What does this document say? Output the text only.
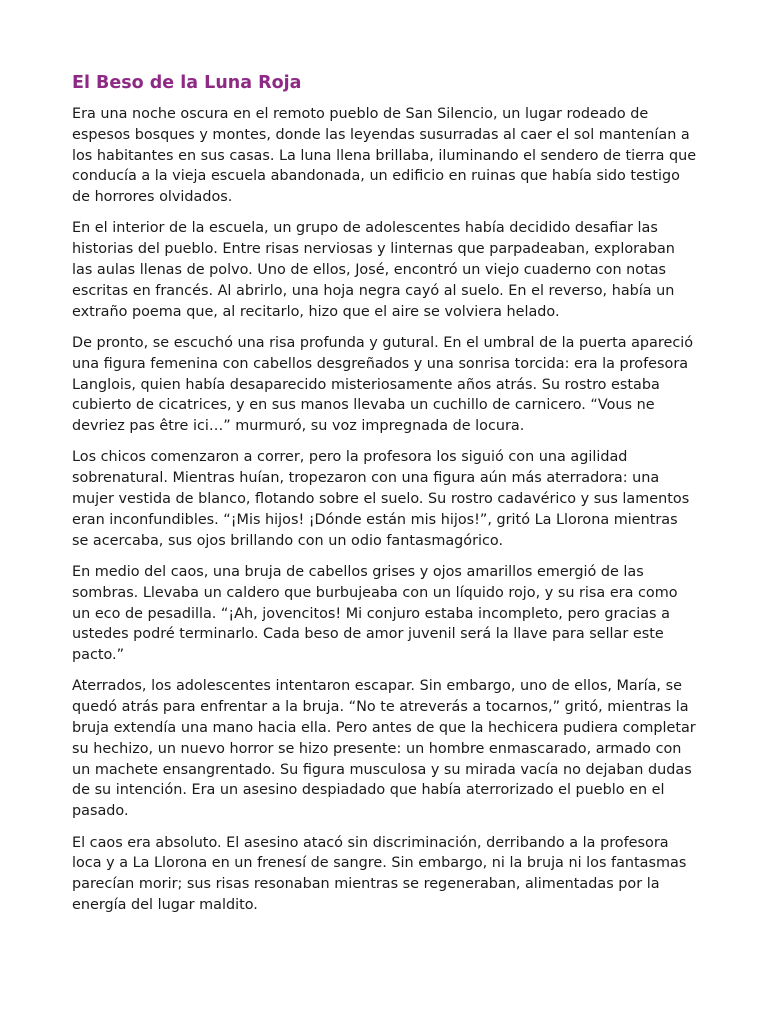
El Beso de la Luna Roja

Era una noche oscura en el remoto pueblo de San Silencio, un lugar rodeado de espesos bosques y montes, donde las leyendas susurradas al caer el sol mantenían a los habitantes en sus casas. La luna llena brillaba, iluminando el sendero de tierra que conducía a la vieja escuela abandonada, un edificio en ruinas que había sido testigo de horrores olvidados.

En el interior de la escuela, un grupo de adolescentes había decidido desafiar las historias del pueblo. Entre risas nerviosas y linternas que parpadeaban, exploraban las aulas llenas de polvo. Uno de ellos, José, encontró un viejo cuaderno con notas escritas en francés. Al abrirlo, una hoja negra cayó al suelo. En el reverso, había un extraño poema que, al recitarlo, hizo que el aire se volviera helado.

De pronto, se escuchó una risa profunda y gutural. En el umbral de la puerta apareció una figura femenina con cabellos desgreñados y una sonrisa torcida: era la profesora Langlois, quien había desaparecido misteriosamente años atrás. Su rostro estaba cubierto de cicatrices, y en sus manos llevaba un cuchillo de carnicero. “Vous ne devriez pas être ici…” murmuró, su voz impregnada de locura.

Los chicos comenzaron a correr, pero la profesora los siguió con una agilidad sobrenatural. Mientras huían, tropezaron con una figura aún más aterradora: una mujer vestida de blanco, flotando sobre el suelo. Su rostro cadavérico y sus lamentos eran inconfundibles. “¡Mis hijos! ¡Dónde están mis hijos!”, gritó La Llorona mientras se acercaba, sus ojos brillando con un odio fantasmagórico.

En medio del caos, una bruja de cabellos grises y ojos amarillos emergió de las sombras. Llevaba un caldero que burbujeaba con un líquido rojo, y su risa era como un eco de pesadilla. “¡Ah, jovencitos! Mi conjuro estaba incompleto, pero gracias a ustedes podré terminarlo. Cada beso de amor juvenil será la llave para sellar este pacto.”

Aterrados, los adolescentes intentaron escapar. Sin embargo, uno de ellos, María, se quedó atrás para enfrentar a la bruja. “No te atreverás a tocarnos,” gritó, mientras la bruja extendía una mano hacia ella. Pero antes de que la hechicera pudiera completar su hechizo, un nuevo horror se hizo presente: un hombre enmascarado, armado con un machete ensangrentado. Su figura musculosa y su mirada vacía no dejaban dudas de su intención. Era un asesino despiadado que había aterrorizado el pueblo en el pasado.

El caos era absoluto. El asesino atacó sin discriminación, derribando a la profesora loca y a La Llorona en un frenesí de sangre. Sin embargo, ni la bruja ni los fantasmas parecían morir; sus risas resonaban mientras se regeneraban, alimentadas por la energía del lugar maldito.
